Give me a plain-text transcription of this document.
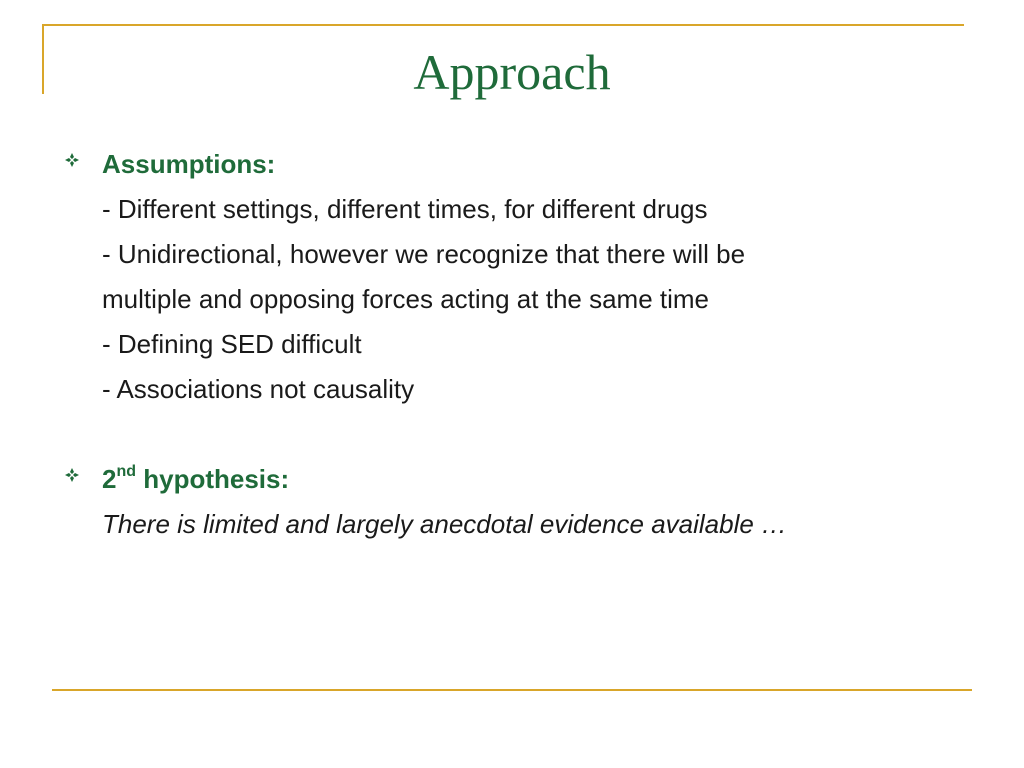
Approach
Assumptions:
- Different settings, different times, for different drugs
- Unidirectional, however we recognize that there will be
multiple and opposing forces acting at the same time
- Defining SED difficult
- Associations not causality
2nd hypothesis:
There is limited and largely anecdotal evidence available …
